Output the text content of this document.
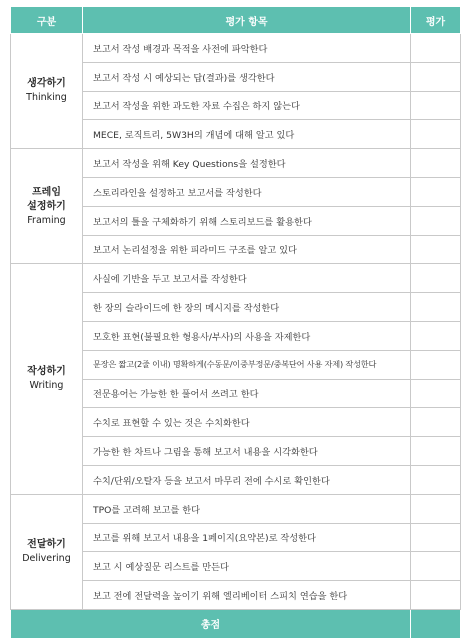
구분	평가 항목	평가

생각하기
Thinking	보고서 작성 배경과 목적을 사전에 파악한다	
	보고서 작성 시 예상되는 답(결과)를 생각한다	
	보고서 작성을 위한 과도한 자료 수집은 하지 않는다	
	MECE, 로직트리, 5W3H의 개념에 대해 알고 있다	

프레임 설정하기
Framing	보고서 작성을 위해 Key Questions을 설정한다	
	스토리라인을 설정하고 보고서를 작성한다	
	보고서의 틀을 구체화하기 위해 스토리보드를 활용한다	
	보고서 논리설정을 위한 피라미드 구조를 알고 있다	

작성하기
Writing	사실에 기반을 두고 보고서를 작성한다	
	한 장의 슬라이드에 한 장의 메시지를 작성한다	
	모호한 표현(불필요한 형용사/부사)의 사용을 자제한다	
	문장은 짧고(2줄 이내) 명확하게(수동문/이중부정문/중복단어 사용 자제) 작성한다	
	전문용어는 가능한 한 풀어서 쓰려고 한다	
	수치로 표현할 수 있는 것은 수치화한다	
	가능한 한 차트나 그림을 통해 보고서 내용을 시각화한다	
	수치/단위/오탈자 등을 보고서 마무리 전에 수시로 확인한다	

전달하기
Delivering	TPO를 고려해 보고를 한다	
	보고를 위해 보고서 내용을 1페이지(요약본)로 작성한다	
	보고 시 예상질문 리스트를 만든다	
	보고 전에 전달력을 높이기 위해 엘리베이터 스피치 연습을 한다	
총점		
